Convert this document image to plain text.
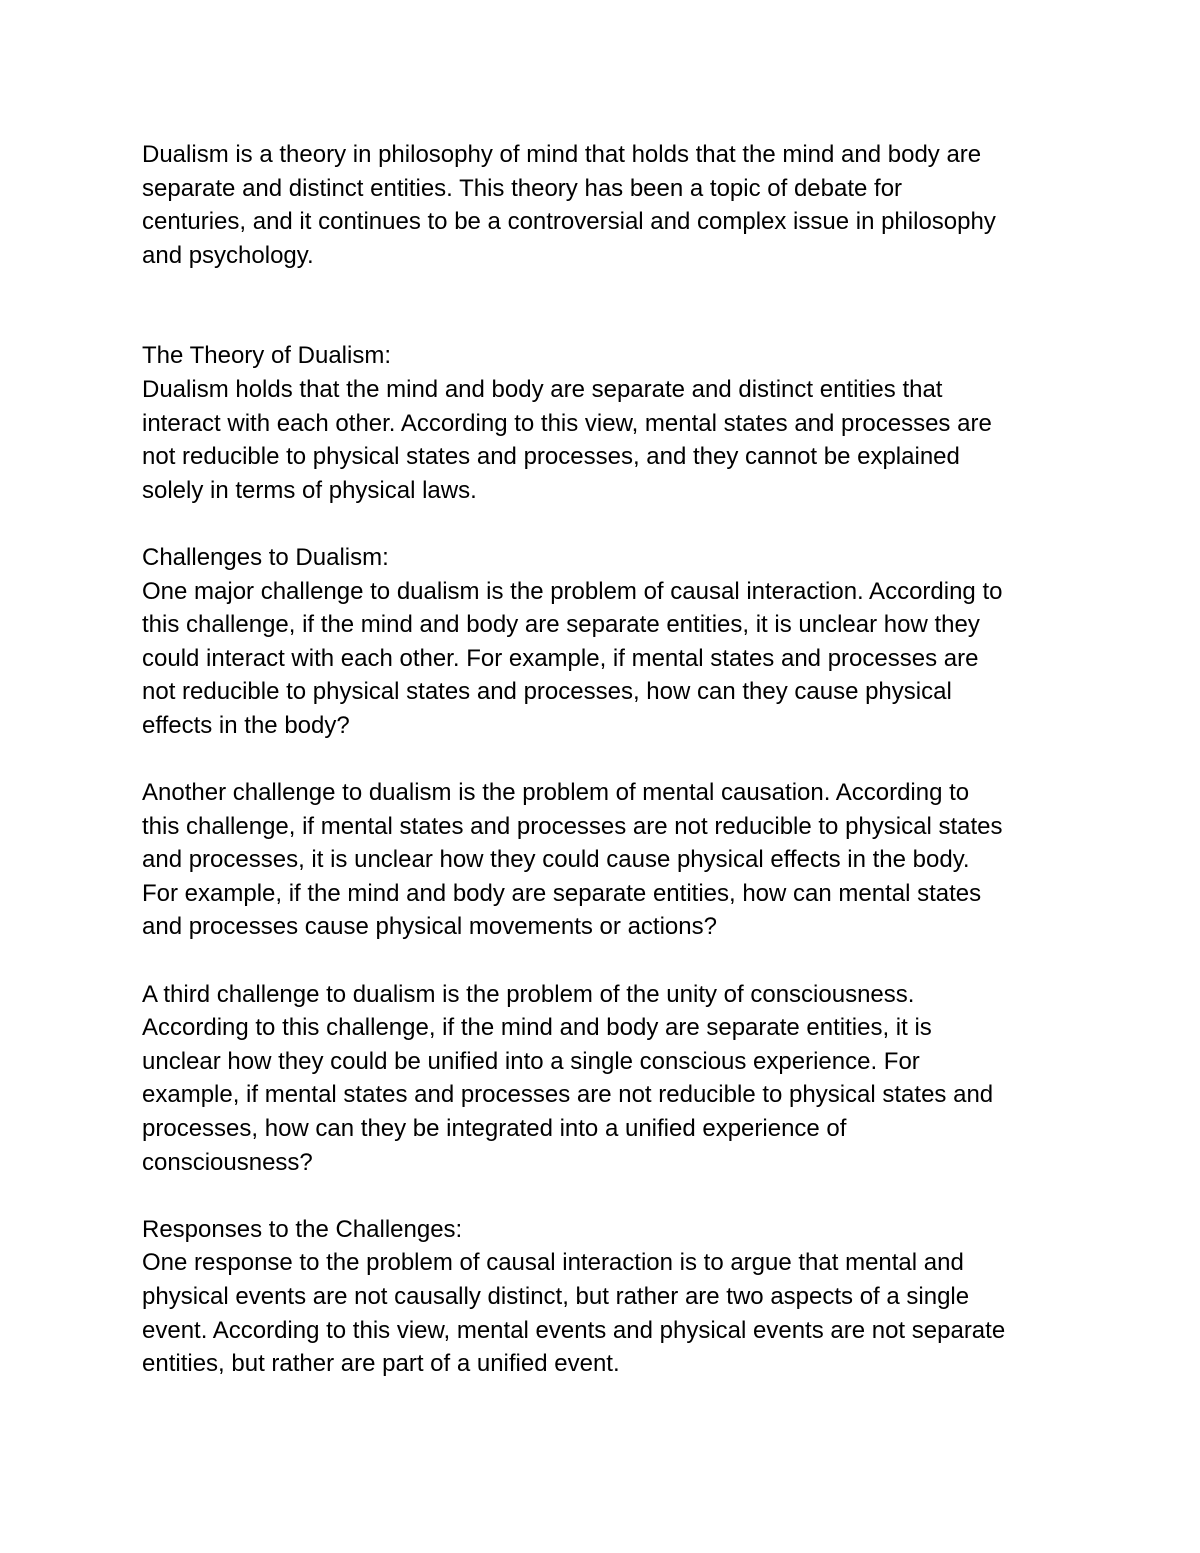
Dualism is a theory in philosophy of mind that holds that the mind and body are
separate and distinct entities. This theory has been a topic of debate for
centuries, and it continues to be a controversial and complex issue in philosophy
and psychology.

The Theory of Dualism:

Dualism holds that the mind and body are separate and distinct entities that
interact with each other. According to this view, mental states and processes are
not reducible to physical states and processes, and they cannot be explained
solely in terms of physical laws.

Challenges to Dualism:

One major challenge to dualism is the problem of causal interaction. According to
this challenge, if the mind and body are separate entities, it is unclear how they
could interact with each other. For example, if mental states and processes are
not reducible to physical states and processes, how can they cause physical
effects in the body?

Another challenge to dualism is the problem of mental causation. According to
this challenge, if mental states and processes are not reducible to physical states
and processes, it is unclear how they could cause physical effects in the body.
For example, if the mind and body are separate entities, how can mental states
and processes cause physical movements or actions?

A third challenge to dualism is the problem of the unity of consciousness.
According to this challenge, if the mind and body are separate entities, it is
unclear how they could be unified into a single conscious experience. For
example, if mental states and processes are not reducible to physical states and
processes, how can they be integrated into a unified experience of
consciousness?

Responses to the Challenges:

One response to the problem of causal interaction is to argue that mental and
physical events are not causally distinct, but rather are two aspects of a single
event. According to this view, mental events and physical events are not separate
entities, but rather are part of a unified event.
